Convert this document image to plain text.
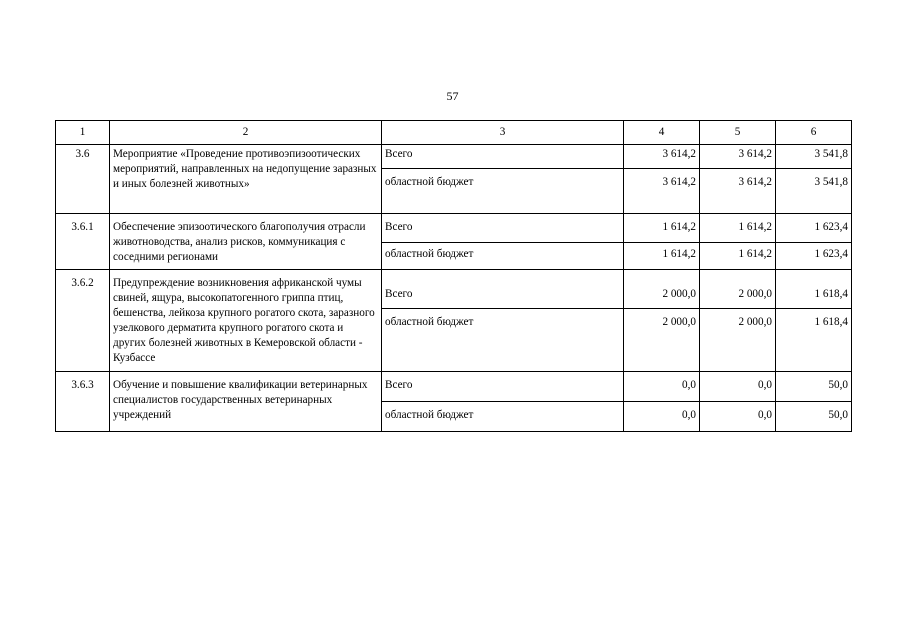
57
1	2	3	4	5	6
3.6	Мероприятие «Проведение противоэпизоотических мероприятий, направленных на недопущение заразных и иных болезней животных»	Всего	3 614,2	3 614,2	3 541,8
		областной бюджет	3 614,2	3 614,2	3 541,8
3.6.1	Обеспечение эпизоотического благополучия отрасли животноводства, анализ рисков, коммуникация с соседними регионами	Всего	1 614,2	1 614,2	1 623,4
		областной бюджет	1 614,2	1 614,2	1 623,4
3.6.2	Предупреждение возникновения африканской чумы свиней, ящура, высокопатогенного гриппа птиц, бешенства, лейкоза крупного рогатого скота, заразного узелкового дерматита крупного рогатого скота и других болезней животных в Кемеровской области - Кузбассе	Всего	2 000,0	2 000,0	1 618,4
		областной бюджет	2 000,0	2 000,0	1 618,4
3.6.3	Обучение и повышение квалификации ветеринарных специалистов государственных ветеринарных учреждений	Всего	0,0	0,0	50,0
		областной бюджет	0,0	0,0	50,0
